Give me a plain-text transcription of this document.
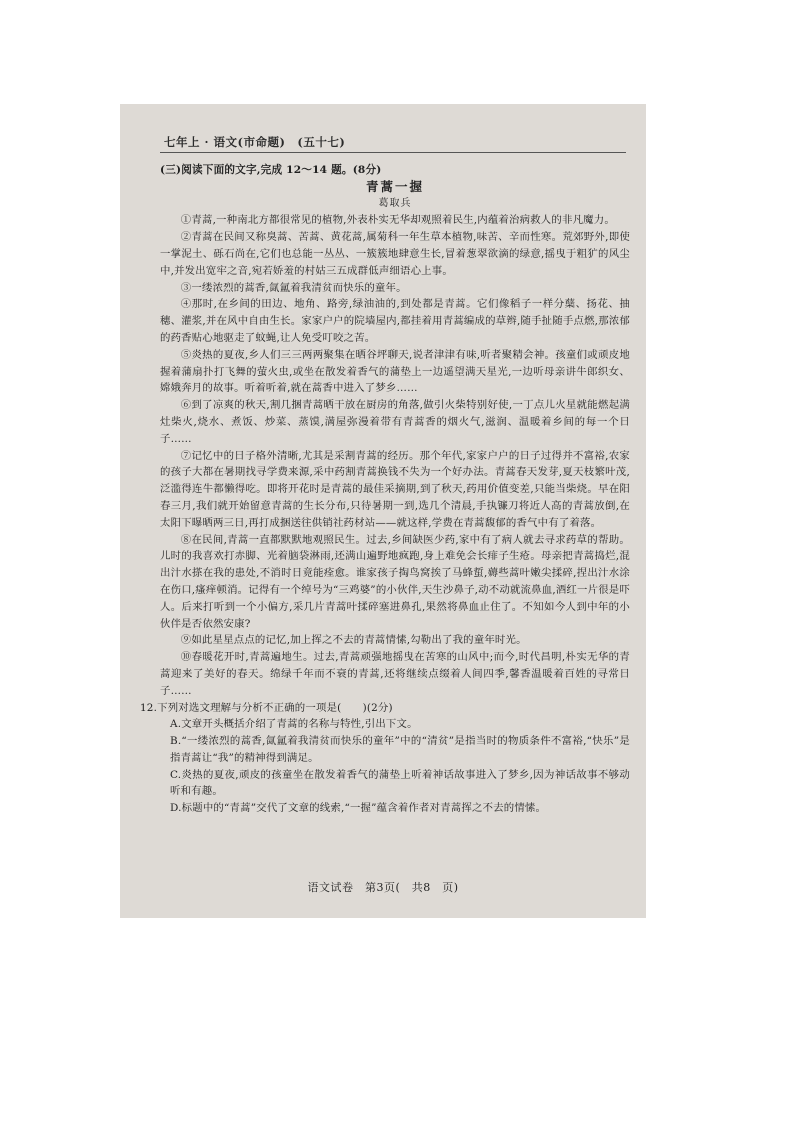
七年上 · 语文(市命题)　(五十七)

(三)阅读下面的文字,完成 12～14 题。(8分)

青蒿一握

葛取兵

①青蒿,一种南北方都很常见的植物,外表朴实无华却观照着民生,内蕴着治病救人的非凡魔力。

②青蒿在民间又称臭蒿、苦蒿、黄花蒿,属菊科一年生草本植物,味苦、辛而性寒。荒郊野外,即使一掌泥土、砾石尚在,它们也总能一丛丛、一簇簇地肆意生长,冒着葱翠欲滴的绿意,摇曳于粗犷的风尘中,并发出宽牢之音,宛若娇羞的村姑三五成群低声细语心上事。

③一缕浓烈的蒿香,氤氲着我清贫而快乐的童年。

④那时,在乡间的田边、地角、路旁,绿油油的,到处都是青蒿。它们像稻子一样分蘖、扬花、抽穗、灌浆,并在风中自由生长。家家户户的院墙屋内,都挂着用青蒿编成的草辫,随手扯随手点燃,那浓郁的药香贴心地驱走了蚊蝇,让人免受叮咬之苦。

⑤炎热的夏夜,乡人们三三两两聚集在晒谷坪聊天,说者津津有味,听者聚精会神。孩童们或顽皮地握着蒲扇扑打飞舞的萤火虫,或坐在散发着香气的蒲垫上一边遥望满天星光,一边听母亲讲牛郎织女、嫦娥奔月的故事。听着听着,就在蒿香中进入了梦乡……

⑥到了凉爽的秋天,割几捆青蒿晒干放在厨房的角落,做引火柴特别好使,一丁点儿火星就能燃起满灶柴火,烧水、煮饭、炒菜、蒸馍,满屋弥漫着带有青蒿香的烟火气,滋润、温暖着乡间的每一个日子……

⑦记忆中的日子格外清晰,尤其是采割青蒿的经历。那个年代,家家户户的日子过得并不富裕,农家的孩子大都在暑期找寻学费来源,采中药割青蒿换钱不失为一个好办法。青蒿春天发芽,夏天枝繁叶茂,泛滥得连牛都懒得吃。即将开花时是青蒿的最佳采摘期,到了秋天,药用价值变差,只能当柴烧。早在阳春三月,我们就开始留意青蒿的生长分布,只待暑期一到,选几个清晨,手执镰刀将近人高的青蒿放倒,在太阳下曝晒两三日,再打成捆送往供销社药材站——就这样,学费在青蒿馥郁的香气中有了着落。

⑧在民间,青蒿一直都默默地观照民生。过去,乡间缺医少药,家中有了病人就去寻求药草的帮助。儿时的我喜欢打赤脚、光着脑袋淋雨,还满山遍野地疯跑,身上难免会长痱子生疮。母亲把青蒿捣烂,混出汁水搽在我的患处,不消时日竟能痊愈。谁家孩子掏鸟窝挨了马蜂蜇,薅些蒿叶嫩尖揉碎,捏出汁水涂在伤口,瘙痒顿消。记得有一个绰号为“三鸡婆”的小伙伴,天生沙鼻子,动不动就流鼻血,酒红一片很是吓人。后来打听到一个小偏方,采几片青蒿叶揉碎塞进鼻孔,果然将鼻血止住了。不知如今人到中年的小伙伴是否依然安康?

⑨如此星星点点的记忆,加上挥之不去的青蒿情愫,勾勒出了我的童年时光。

⑩春暖花开时,青蒿遍地生。过去,青蒿顽强地摇曳在苦寒的山风中;而今,时代昌明,朴实无华的青蒿迎来了美好的春天。绵绿千年而不衰的青蒿,还将继续点缀着人间四季,馨香温暖着百姓的寻常日子……

12.下列对选文理解与分析不正确的一项是(　　)(2分)

A.文章开头概括介绍了青蒿的名称与特性,引出下文。

B.“一缕浓烈的蒿香,氤氲着我清贫而快乐的童年”中的“清贫”是指当时的物质条件不富裕,“快乐”是指青蒿让“我”的精神得到满足。

C.炎热的夏夜,顽皮的孩童坐在散发着香气的蒲垫上听着神话故事进入了梦乡,因为神话故事不够动听和有趣。

D.标题中的“青蒿”交代了文章的线索,“一握”蕴含着作者对青蒿挥之不去的情愫。

语文试卷　第3页(　共8　页)
